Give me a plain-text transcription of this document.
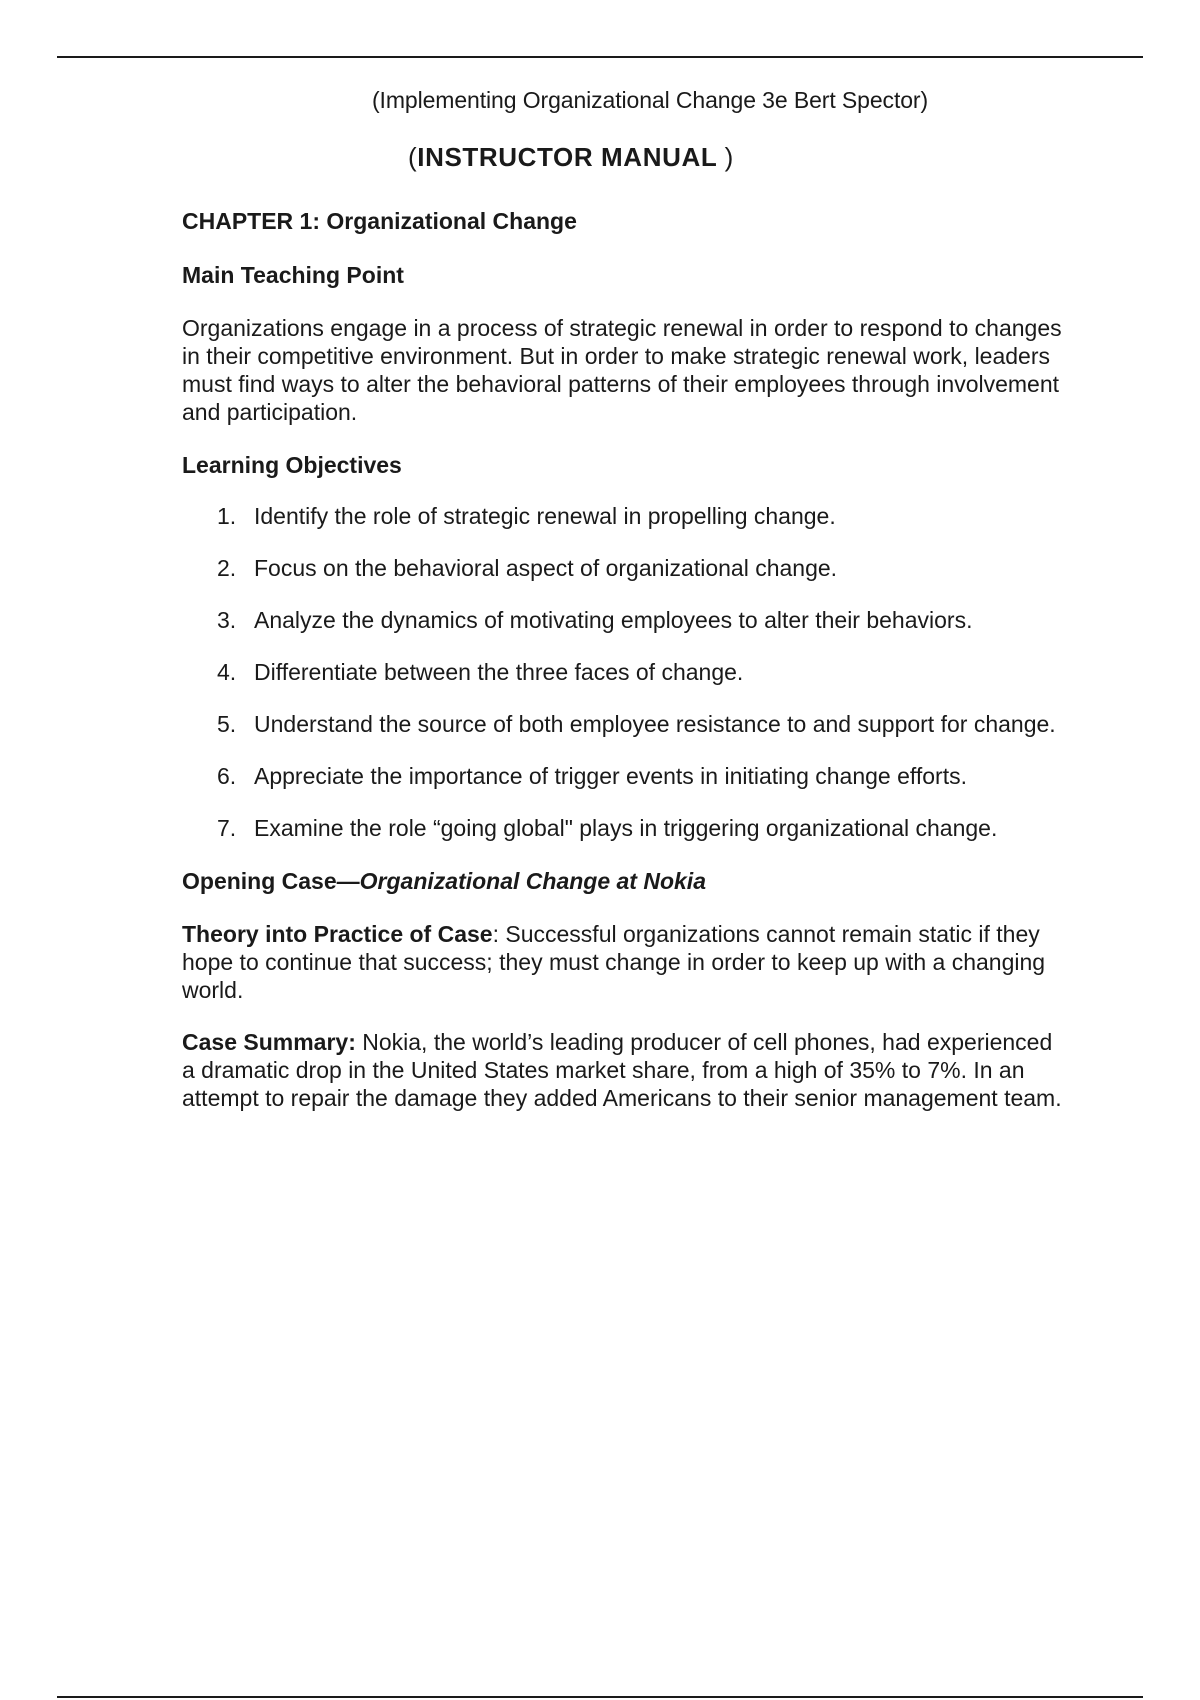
(Implementing Organizational Change 3e Bert Spector)
(INSTRUCTOR MANUAL )
CHAPTER 1: Organizational Change
Main Teaching Point

Organizations engage in a process of strategic renewal in order to respond to changes in their competitive environment. But in order to make strategic renewal work, leaders must find ways to alter the behavioral patterns of their employees through involvement and participation.

Learning Objectives
1. Identify the role of strategic renewal in propelling change.
2. Focus on the behavioral aspect of organizational change.
3. Analyze the dynamics of motivating employees to alter their behaviors.
4. Differentiate between the three faces of change.
5. Understand the source of both employee resistance to and support for change.
6. Appreciate the importance of trigger events in initiating change efforts.
7. Examine the role “going global" plays in triggering organizational change.
Opening Case—Organizational Change at Nokia

Theory into Practice of Case: Successful organizations cannot remain static if they hope to continue that success; they must change in order to keep up with a changing world.

Case Summary: Nokia, the world’s leading producer of cell phones, had experienced a dramatic drop in the United States market share, from a high of 35% to 7%. In an attempt to repair the damage they added Americans to their senior management team.
